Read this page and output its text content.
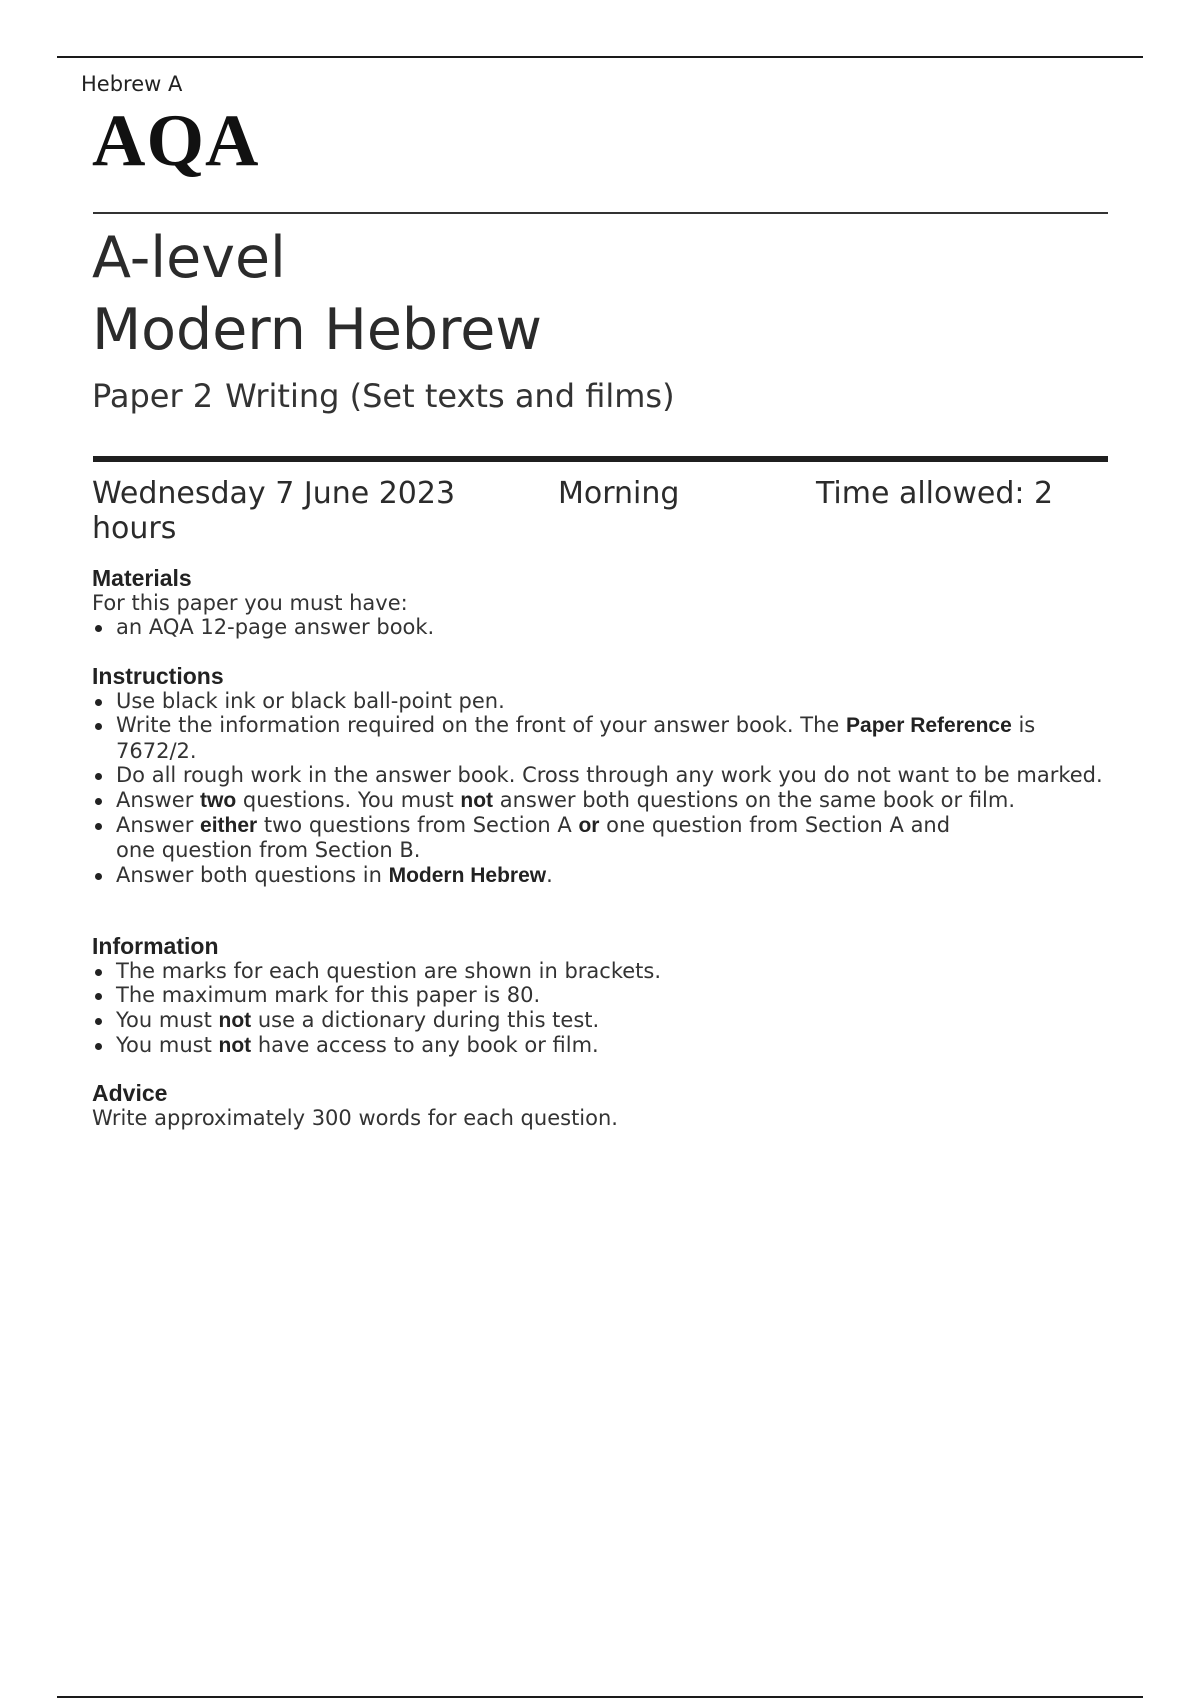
Hebrew A
AQA
A-level
Modern Hebrew
Paper 2 Writing (Set texts and films)
Wednesday 7 June 2023	Morning	Time allowed: 2
hours
Materials

For this paper you must have:

an AQA 12-page answer book.
Instructions
Use black ink or black ball-point pen.
Write the information required on the front of your answer book. The Paper Reference is 7672/2.
Do all rough work in the answer book. Cross through any work you do not want to be marked.
Answer two questions. You must not answer both questions on the same book or film.
Answer either two questions from Section A or one question from Section A and
one question from Section B.
Answer both questions in Modern Hebrew.
Information
The marks for each question are shown in brackets.
The maximum mark for this paper is 80.
You must not use a dictionary during this test.
You must not have access to any book or film.
Advice

Write approximately 300 words for each question.
